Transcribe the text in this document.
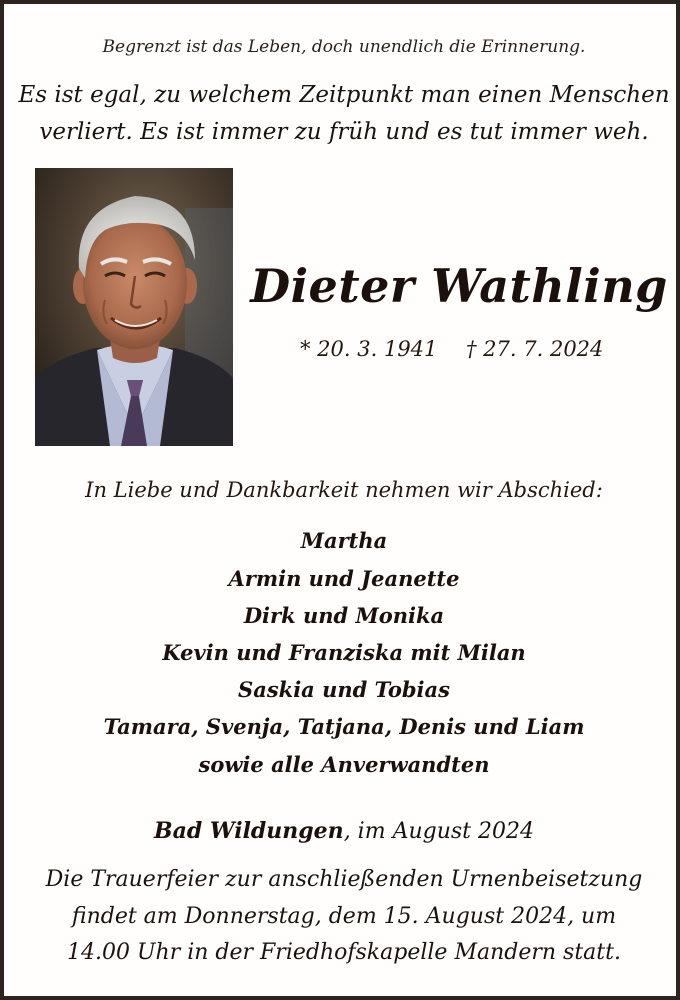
Begrenzt ist das Leben, doch unendlich die Erinnerung.
Es ist egal, zu welchem Zeitpunkt man einen Menschen
verliert. Es ist immer zu früh und es tut immer weh.
Dieter Wathling
* 20. 3. 1941 † 27. 7. 2024
In Liebe und Dankbarkeit nehmen wir Abschied:
Martha
Armin und Jeanette
Dirk und Monika
Kevin und Franziska mit Milan
Saskia und Tobias
Tamara, Svenja, Tatjana, Denis und Liam
sowie alle Anverwandten
Bad Wildungen, im August 2024
Die Trauerfeier zur anschließenden Urnenbeisetzung
findet am Donnerstag, dem 15. August 2024, um
14.00 Uhr in der Friedhofskapelle Mandern statt.
